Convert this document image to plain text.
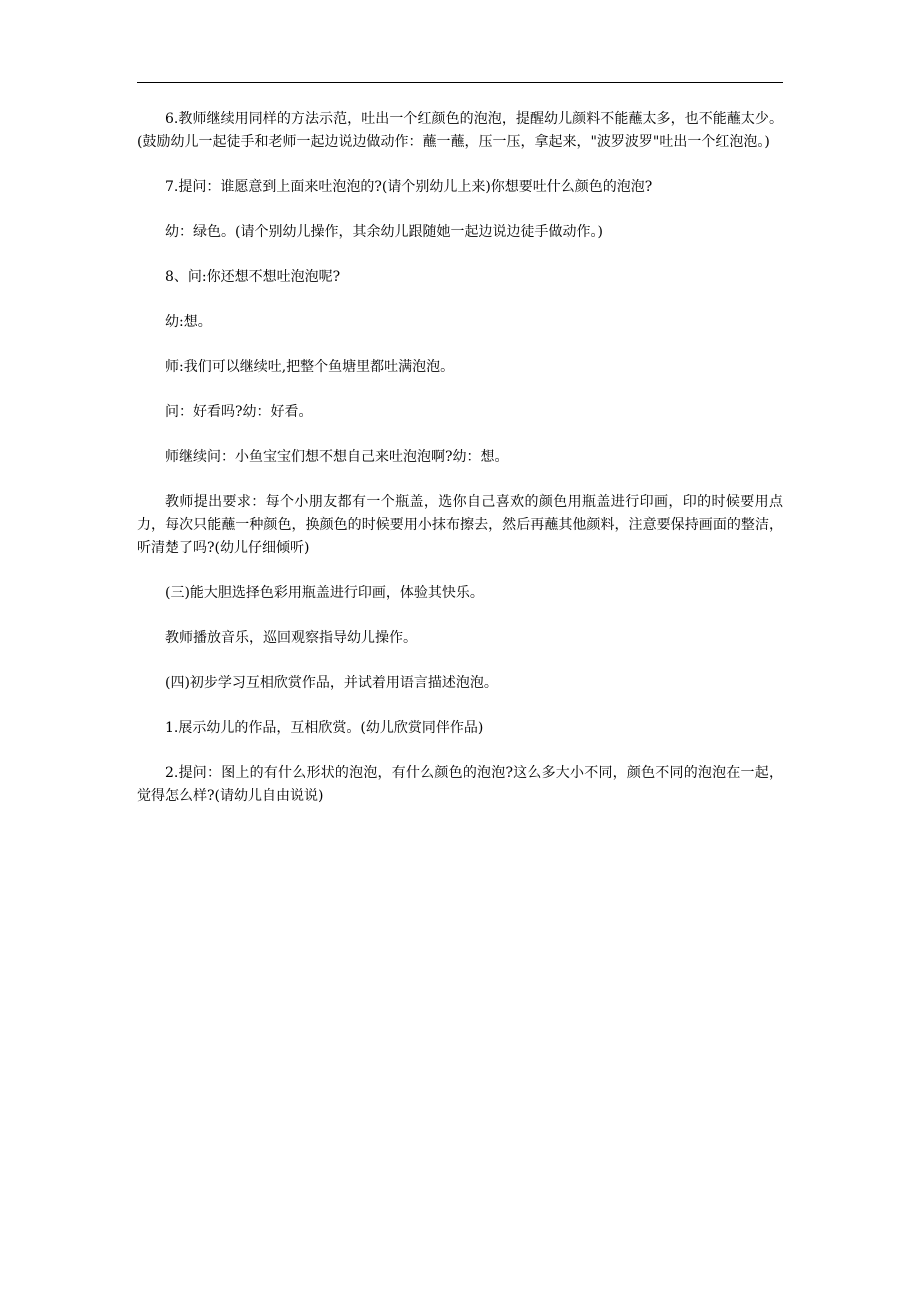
6.教师继续用同样的方法示范，吐出一个红颜色的泡泡，提醒幼儿颜料不能蘸太多，也不能蘸太少。(鼓励幼儿一起徒手和老师一起边说边做动作：蘸一蘸，压一压，拿起来，"波罗波罗"吐出一个红泡泡。)

7.提问：谁愿意到上面来吐泡泡的?(请个别幼儿上来)你想要吐什么颜色的泡泡?

幼：绿色。(请个别幼儿操作，其余幼儿跟随她一起边说边徒手做动作。)

8、问:你还想不想吐泡泡呢?

幼:想。

师:我们可以继续吐,把整个鱼塘里都吐满泡泡。

问：好看吗?幼：好看。

师继续问：小鱼宝宝们想不想自己来吐泡泡啊?幼：想。

教师提出要求：每个小朋友都有一个瓶盖，选你自己喜欢的颜色用瓶盖进行印画，印的时候要用点力，每次只能蘸一种颜色，换颜色的时候要用小抹布擦去，然后再蘸其他颜料，注意要保持画面的整洁，听清楚了吗?(幼儿仔细倾听)

(三)能大胆选择色彩用瓶盖进行印画，体验其快乐。

教师播放音乐，巡回观察指导幼儿操作。

(四)初步学习互相欣赏作品，并试着用语言描述泡泡。

1.展示幼儿的作品，互相欣赏。(幼儿欣赏同伴作品)

2.提问：图上的有什么形状的泡泡，有什么颜色的泡泡?这么多大小不同，颜色不同的泡泡在一起，觉得怎么样?(请幼儿自由说说)
